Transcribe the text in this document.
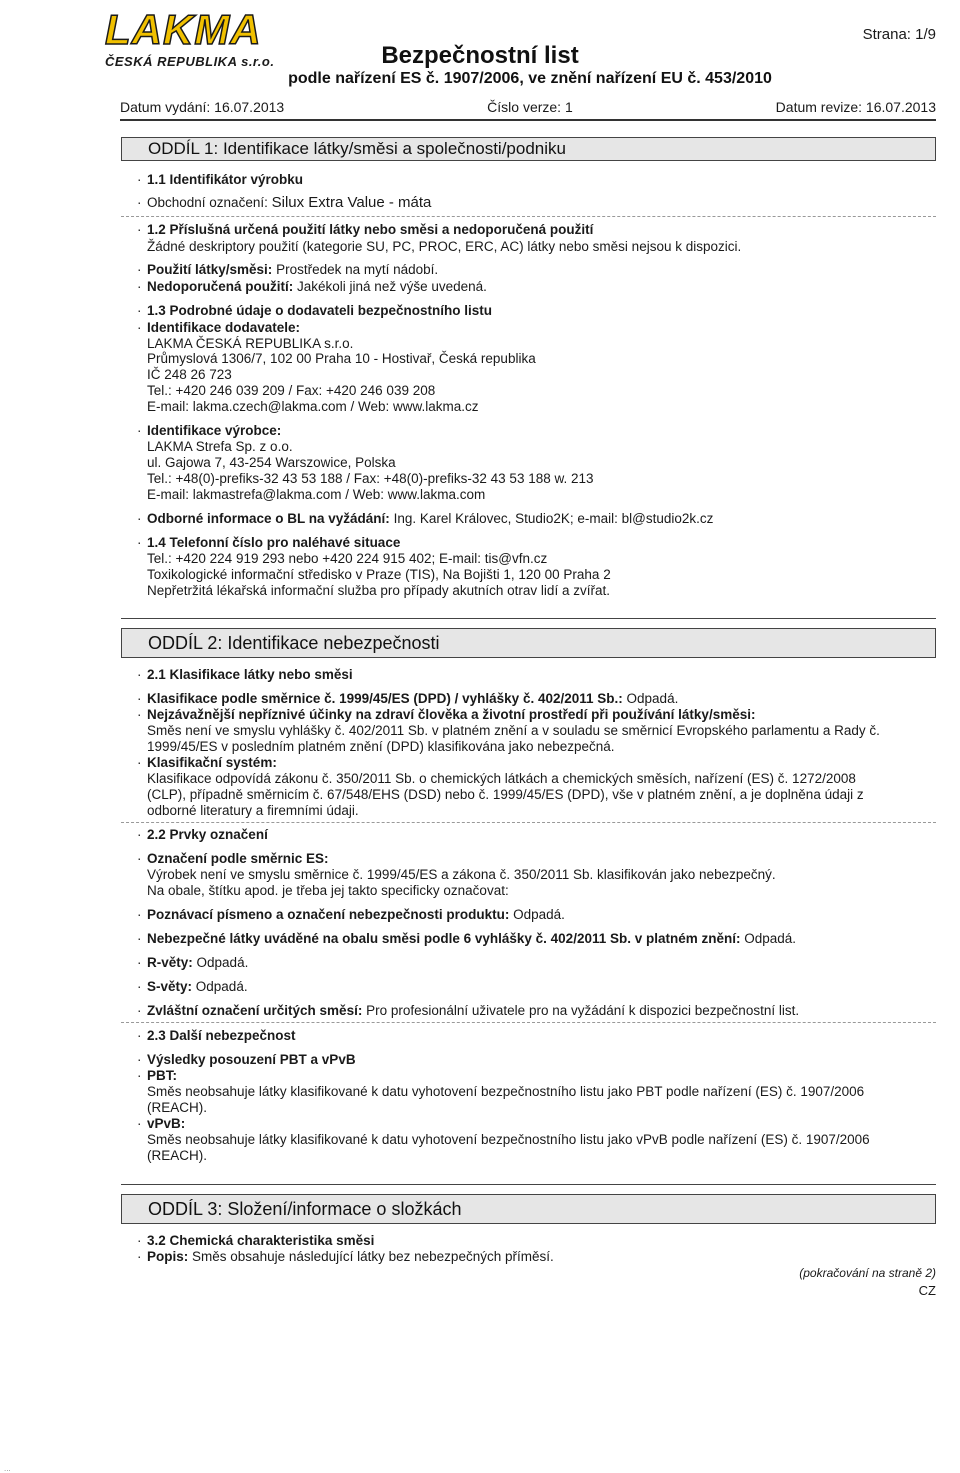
LAKMA
ČESKÁ REPUBLIKA s.r.o.
Strana: 1/9
Bezpečnostní list
podle nařízení ES č. 1907/2006, ve znění nařízení EU č. 453/2010
Datum vydání: 16.07.2013	Číslo verze: 1	Datum revize: 16.07.2013
ODDÍL 1: Identifikace látky/směsi a společnosti/podniku
· 1.1 Identifikátor výrobku
· Obchodní označení: Silux Extra Value - máta
· 1.2 Příslušná určená použití látky nebo směsi a nedoporučená použití
Žádné deskriptory použití (kategorie SU, PC, PROC, ERC, AC) látky nebo směsi nejsou k dispozici.
· Použití látky/směsi: Prostředek na mytí nádobí.
· Nedoporučená použití: Jakékoli jiná než výše uvedená.
· 1.3 Podrobné údaje o dodavateli bezpečnostního listu
· Identifikace dodavatele:
LAKMA ČESKÁ REPUBLIKA s.r.o.
Průmyslová 1306/7, 102 00 Praha 10 - Hostivař, Česká republika
IČ 248 26 723
Tel.: +420 246 039 209 / Fax: +420 246 039 208
E-mail: lakma.czech@lakma.com / Web: www.lakma.cz
· Identifikace výrobce:
LAKMA Strefa Sp. z o.o.
ul. Gajowa 7, 43-254 Warszowice, Polska
Tel.: +48(0)-prefiks-32 43 53 188 / Fax: +48(0)-prefiks-32 43 53 188 w. 213
E-mail: lakmastrefa@lakma.com / Web: www.lakma.com
· Odborné informace o BL na vyžádání: Ing. Karel Královec, Studio2K; e-mail: bl@studio2k.cz
· 1.4 Telefonní číslo pro naléhavé situace
Tel.: +420 224 919 293 nebo +420 224 915 402; E-mail: tis@vfn.cz
Toxikologické informační středisko v Praze (TIS), Na Bojišti 1, 120 00 Praha 2
Nepřetržitá lékařská informační služba pro případy akutních otrav lidí a zvířat.
ODDÍL 2: Identifikace nebezpečnosti
· 2.1 Klasifikace látky nebo směsi
· Klasifikace podle směrnice č. 1999/45/ES (DPD) / vyhlášky č. 402/2011 Sb.: Odpadá.
· Nejzávažnější nepříznivé účinky na zdraví člověka a životní prostředí při používání látky/směsi:
Směs není ve smyslu vyhlášky č. 402/2011 Sb. v platném znění a v souladu se směrnicí Evropského parlamentu a Rady č.
1999/45/ES v posledním platném znění (DPD) klasifikována jako nebezpečná.
· Klasifikační systém:
Klasifikace odpovídá zákonu č. 350/2011 Sb. o chemických látkách a chemických směsích, nařízení (ES) č. 1272/2008
(CLP), případně směrnicím č. 67/548/EHS (DSD) nebo č. 1999/45/ES (DPD), vše v platném znění, a je doplněna údaji z
odborné literatury a firemními údaji.
· 2.2 Prvky označení
· Označení podle směrnic ES:
Výrobek není ve smyslu směrnice č. 1999/45/ES a zákona č. 350/2011 Sb. klasifikován jako nebezpečný.
Na obale, štítku apod. je třeba jej takto specificky označovat:
· Poznávací písmeno a označení nebezpečnosti produktu: Odpadá.
· Nebezpečné látky uváděné na obalu směsi podle 6 vyhlášky č. 402/2011 Sb. v platném znění: Odpadá.
· R-věty: Odpadá.
· S-věty: Odpadá.
· Zvláštní označení určitých směsí: Pro profesionální uživatele pro na vyžádání k dispozici bezpečnostní list.
· 2.3 Další nebezpečnost
· Výsledky posouzení PBT a vPvB
· PBT:
Směs neobsahuje látky klasifikované k datu vyhotovení bezpečnostního listu jako PBT podle nařízení (ES) č. 1907/2006
(REACH).
· vPvB:
Směs neobsahuje látky klasifikované k datu vyhotovení bezpečnostního listu jako vPvB podle nařízení (ES) č. 1907/2006
(REACH).
ODDÍL 3: Složení/informace o složkách
· 3.2 Chemická charakteristika směsi
· Popis: Směs obsahuje následující látky bez nebezpečných příměsí.
(pokračování na straně 2)
CZ
...
